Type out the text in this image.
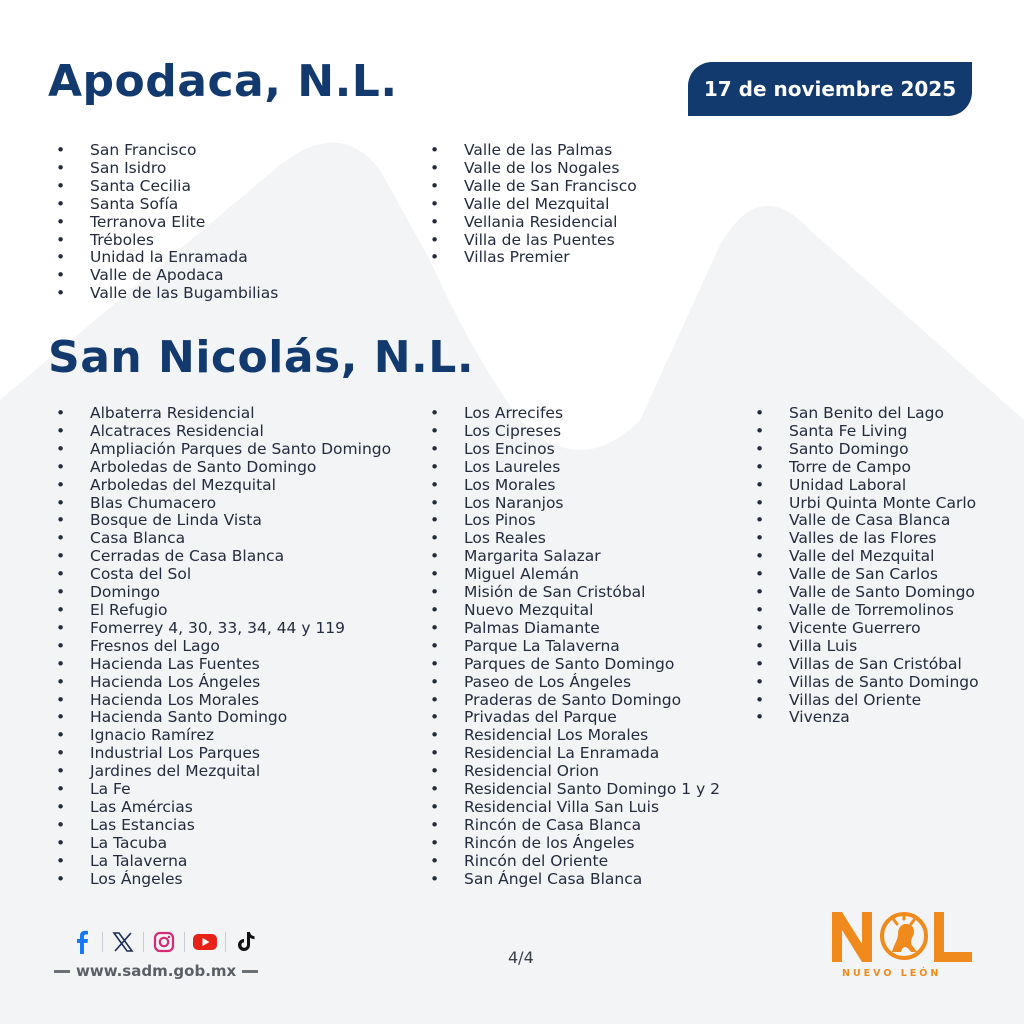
Apodaca, N.L.	17 de noviembre 2025
• San Francisco
• San Isidro
• Santa Cecilia
• Santa Sofía
• Terranova Elite
• Tréboles
• Unidad la Enramada
• Valle de Apodaca
• Valle de las Bugambilias
• Valle de las Palmas
• Valle de los Nogales
• Valle de San Francisco
• Valle del Mezquital
• Vellania Residencial
• Villa de las Puentes
• Villas Premier
San Nicolás, N.L.
• Albaterra Residencial
• Alcatraces Residencial
• Ampliación Parques de Santo Domingo
• Arboledas de Santo Domingo
• Arboledas del Mezquital
• Blas Chumacero
• Bosque de Linda Vista
• Casa Blanca
• Cerradas de Casa Blanca
• Costa del Sol
• Domingo
• El Refugio
• Fomerrey 4, 30, 33, 34, 44 y 119
• Fresnos del Lago
• Hacienda Las Fuentes
• Hacienda Los Ángeles
• Hacienda Los Morales
• Hacienda Santo Domingo
• Ignacio Ramírez
• Industrial Los Parques
• Jardines del Mezquital
• La Fe
• Las Amércias
• Las Estancias
• La Tacuba
• La Talaverna
• Los Ángeles
• Los Arrecifes
• Los Cipreses
• Los Encinos
• Los Laureles
• Los Morales
• Los Naranjos
• Los Pinos
• Los Reales
• Margarita Salazar
• Miguel Alemán
• Misión de San Cristóbal
• Nuevo Mezquital
• Palmas Diamante
• Parque La Talaverna
• Parques de Santo Domingo
• Paseo de Los Ángeles
• Praderas de Santo Domingo
• Privadas del Parque
• Residencial Los Morales
• Residencial La Enramada
• Residencial Orion
• Residencial Santo Domingo 1 y 2
• Residencial Villa San Luis
• Rincón de Casa Blanca
• Rincón de los Ángeles
• Rincón del Oriente
• San Ángel Casa Blanca
• San Benito del Lago
• Santa Fe Living
• Santo Domingo
• Torre de Campo
• Unidad Laboral
• Urbi Quinta Monte Carlo
• Valle de Casa Blanca
• Valles de las Flores
• Valle del Mezquital
• Valle de San Carlos
• Valle de Santo Domingo
• Valle de Torremolinos
• Vicente Guerrero
• Villa Luis
• Villas de San Cristóbal
• Villas de Santo Domingo
• Villas del Oriente
• Vivenza
www.sadm.gob.mx
4/4
NUEVO LEÓN
